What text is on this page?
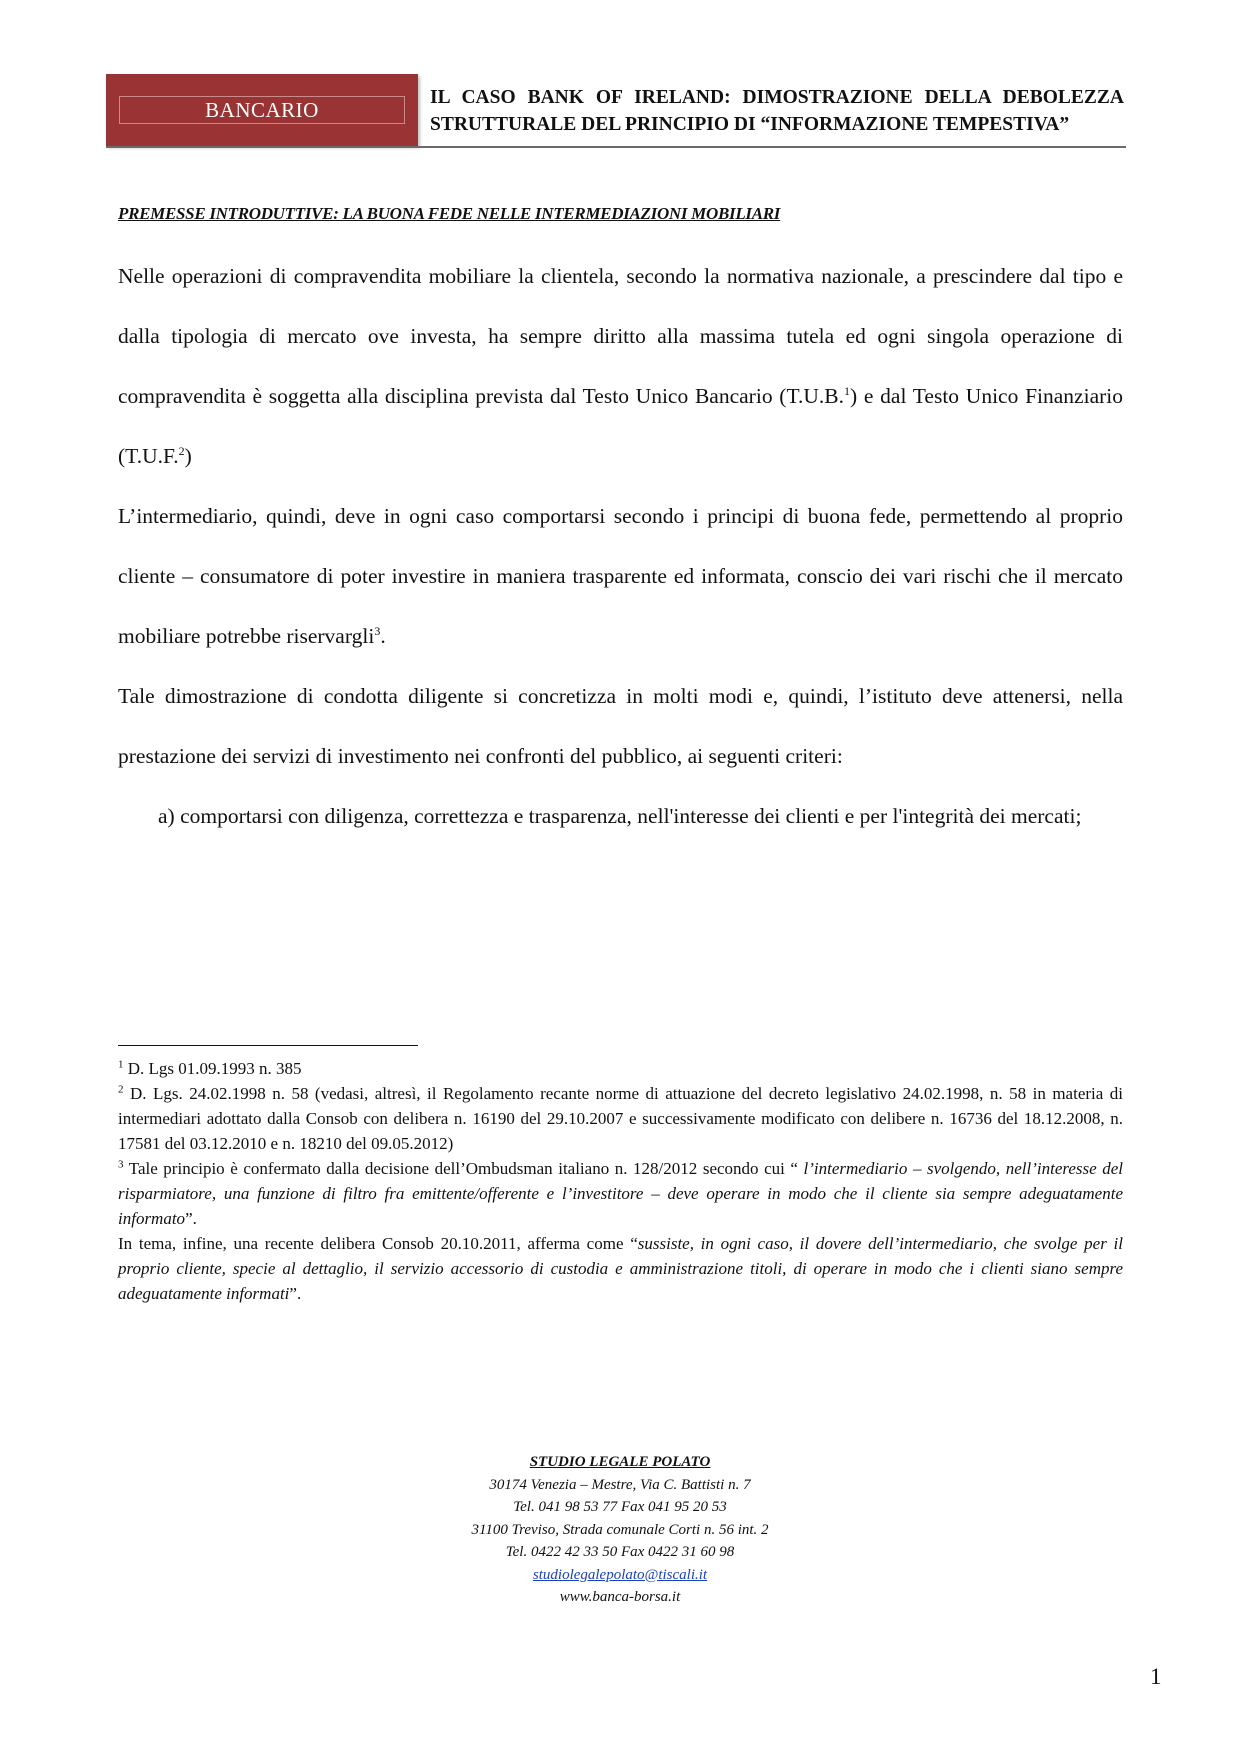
BANCARIO
IL CASO BANK OF IRELAND: DIMOSTRAZIONE DELLA DEBOLEZZA
STRUTTURALE DEL PRINCIPIO DI “INFORMAZIONE TEMPESTIVA”
PREMESSE INTRODUTTIVE: LA BUONA FEDE NELLE INTERMEDIAZIONI MOBILIARI

Nelle operazioni di compravendita mobiliare la clientela, secondo la normativa nazionale, a prescindere dal tipo e dalla tipologia di mercato ove investa, ha sempre diritto alla massima tutela ed ogni singola operazione di compravendita è soggetta alla disciplina prevista dal Testo Unico Bancario (T.U.B.$^1$) e dal Testo Unico Finanziario (T.U.F.$^2$)

L’intermediario, quindi, deve in ogni caso comportarsi secondo i principi di buona fede, permettendo al proprio cliente – consumatore di poter investire in maniera trasparente ed informata, conscio dei vari rischi che il mercato mobiliare potrebbe riservargli$^3$.

Tale dimostrazione di condotta diligente si concretizza in molti modi e, quindi, l’istituto deve attenersi, nella prestazione dei servizi di investimento nei confronti del pubblico, ai seguenti criteri:

a) comportarsi con diligenza, correttezza e trasparenza, nell'interesse dei clienti e per l'integrità dei mercati;

$^1$ D. Lgs 01.09.1993 n. 385

$^2$ D. Lgs. 24.02.1998 n. 58 (vedasi, altresì, il Regolamento recante norme di attuazione del decreto legislativo 24.02.1998, n. 58 in materia di intermediari adottato dalla Consob con delibera n. 16190 del 29.10.2007 e successivamente modificato con delibere n. 16736 del 18.12.2008, n. 17581 del 03.12.2010 e n. 18210 del 09.05.2012)

$^3$ Tale principio è confermato dalla decisione dell’Ombudsman italiano n. 128/2012 secondo cui “ l’intermediario – svolgendo, nell’interesse del risparmiatore, una funzione di filtro fra emittente/offerente e l’investitore – deve operare in modo che il cliente sia sempre adeguatamente informato”.

In tema, infine, una recente delibera Consob 20.10.2011, afferma come “sussiste, in ogni caso, il dovere dell’intermediario, che svolge per il proprio cliente, specie al dettaglio, il servizio accessorio di custodia e amministrazione titoli, di operare in modo che i clienti siano sempre adeguatamente informati”.

STUDIO LEGALE POLATO
30174 Venezia – Mestre, Via C. Battisti n. 7
Tel. 041 98 53 77 Fax 041 95 20 53
31100 Treviso, Strada comunale Corti n. 56 int. 2
Tel. 0422 42 33 50 Fax 0422 31 60 98
studiolegalepolato@tiscali.it
www.banca-borsa.it
1
